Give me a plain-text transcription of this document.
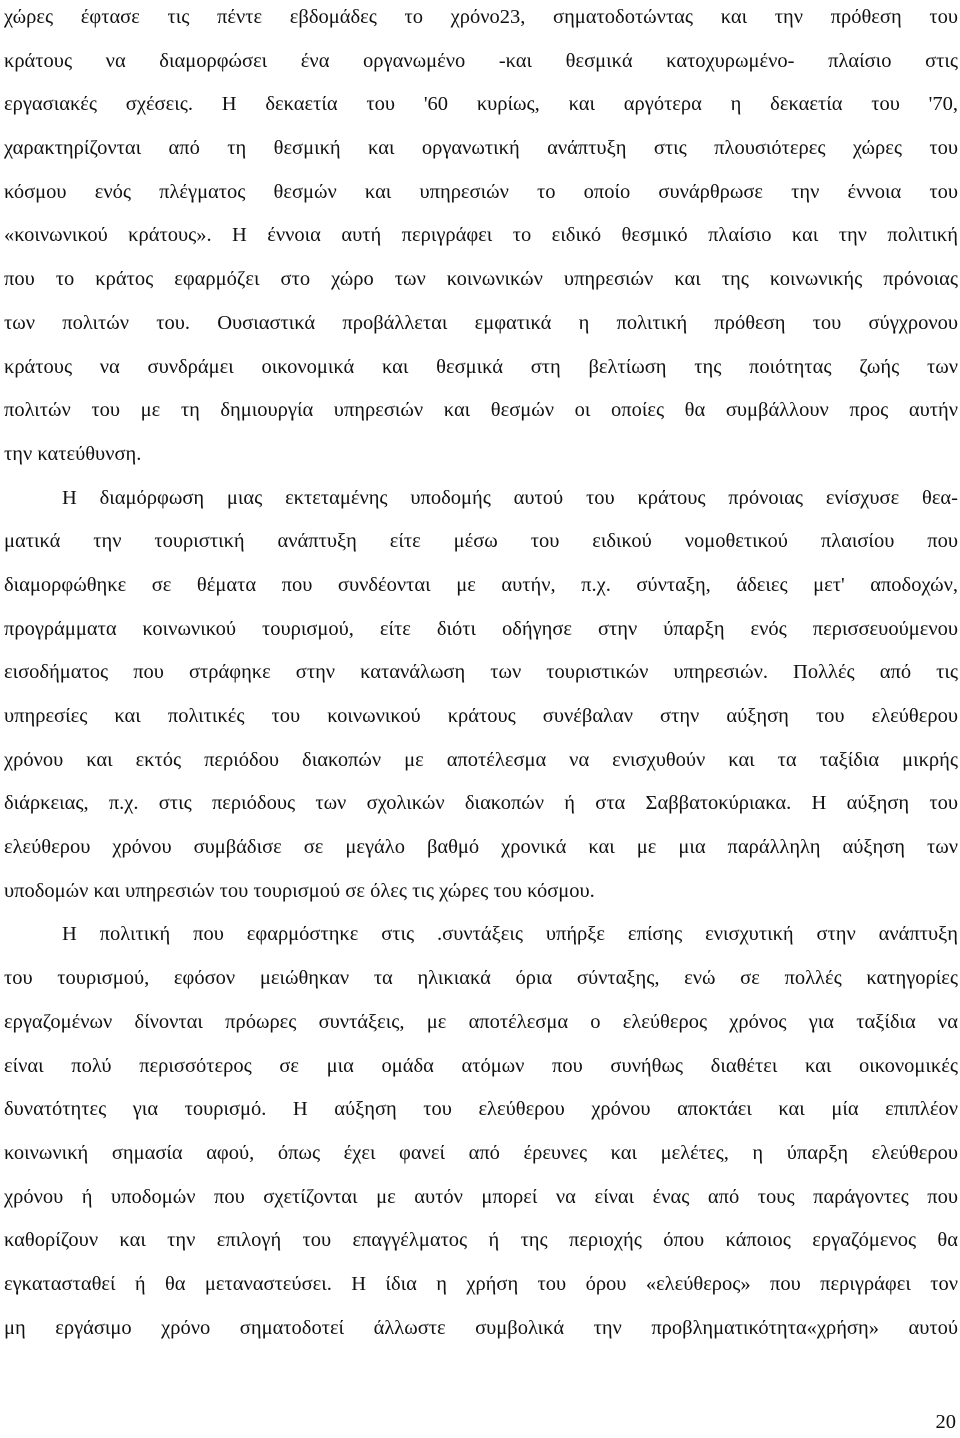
χώρες έφτασε τις πέντε εβδομάδες το χρόνο23, σηματοδοτώντας και την πρόθεση του
κράτους να διαμορφώσει ένα οργανωμένο -και θεσμικά κατοχυρωμένο- πλαίσιο στις
εργασιακές σχέσεις. Η δεκαετία του '60 κυρίως, και αργότερα η δεκαετία του '70,
χαρακτηρίζονται από τη θεσμική και οργανωτική ανάπτυξη στις πλουσιότερες χώρες του
κόσμου ενός πλέγματος θεσμών και υπηρεσιών το οποίο συνάρθρωσε την έννοια του
«κοινωνικού κράτους». Η έννοια αυτή περιγράφει το ειδικό θεσμικό πλαίσιο και την πολιτική
που το κράτος εφαρμόζει στο χώρο των κοινωνικών υπηρεσιών και της κοινωνικής πρόνοιας
των πολιτών του. Ουσιαστικά προβάλλεται εμφατικά η πολιτική πρόθεση του σύγχρονου
κράτους να συνδράμει οικονομικά και θεσμικά στη βελτίωση της ποιότητας ζωής των
πολιτών του με τη δημιουργία υπηρεσιών και θεσμών οι οποίες θα συμβάλλουν προς αυτήν
την κατεύθυνση.
Η διαμόρφωση μιας εκτεταμένης υποδομής αυτού του κράτους πρόνοιας ενίσχυσε θεα-
ματικά την τουριστική ανάπτυξη είτε μέσω του ειδικού νομοθετικού πλαισίου που
διαμορφώθηκε σε θέματα που συνδέονται με αυτήν, π.χ. σύνταξη, άδειες μετ' αποδοχών,
προγράμματα κοινωνικού τουρισμού, είτε διότι οδήγησε στην ύπαρξη ενός περισσευούμενου
εισοδήματος που στράφηκε στην κατανάλωση των τουριστικών υπηρεσιών. Πολλές από τις
υπηρεσίες και πολιτικές του κοινωνικού κράτους συνέβαλαν στην αύξηση του ελεύθερου
χρόνου και εκτός περιόδου διακοπών με αποτέλεσμα να ενισχυθούν και τα ταξίδια μικρής
διάρκειας, π.χ. στις περιόδους των σχολικών διακοπών ή στα Σαββατοκύριακα. Η αύξηση του
ελεύθερου χρόνου συμβάδισε σε μεγάλο βαθμό χρονικά και με μια παράλληλη αύξηση των
υποδομών και υπηρεσιών του τουρισμού σε όλες τις χώρες του κόσμου.
Η πολιτική που εφαρμόστηκε στις .συντάξεις υπήρξε επίσης ενισχυτική στην ανάπτυξη
του τουρισμού, εφόσον μειώθηκαν τα ηλικιακά όρια σύνταξης, ενώ σε πολλές κατηγορίες
εργαζομένων δίνονται πρόωρες συντάξεις, με αποτέλεσμα ο ελεύθερος χρόνος για ταξίδια να
είναι πολύ περισσότερος σε μια ομάδα ατόμων που συνήθως διαθέτει και οικονομικές
δυνατότητες για τουρισμό. Η αύξηση του ελεύθερου χρόνου αποκτάει και μία επιπλέον
κοινωνική σημασία αφού, όπως έχει φανεί από έρευνες και μελέτες, η ύπαρξη ελεύθερου
χρόνου ή υποδομών που σχετίζονται με αυτόν μπορεί να είναι ένας από τους παράγοντες που
καθορίζουν και την επιλογή του επαγγέλματος ή της περιοχής όπου κάποιος εργαζόμενος θα
εγκατασταθεί ή θα μεταναστεύσει. Η ίδια η χρήση του όρου «ελεύθερος» που περιγράφει τον
μη εργάσιμο χρόνο σηματοδοτεί άλλωστε συμβολικά την προβληματικότητα«χρήση» αυτού
20
